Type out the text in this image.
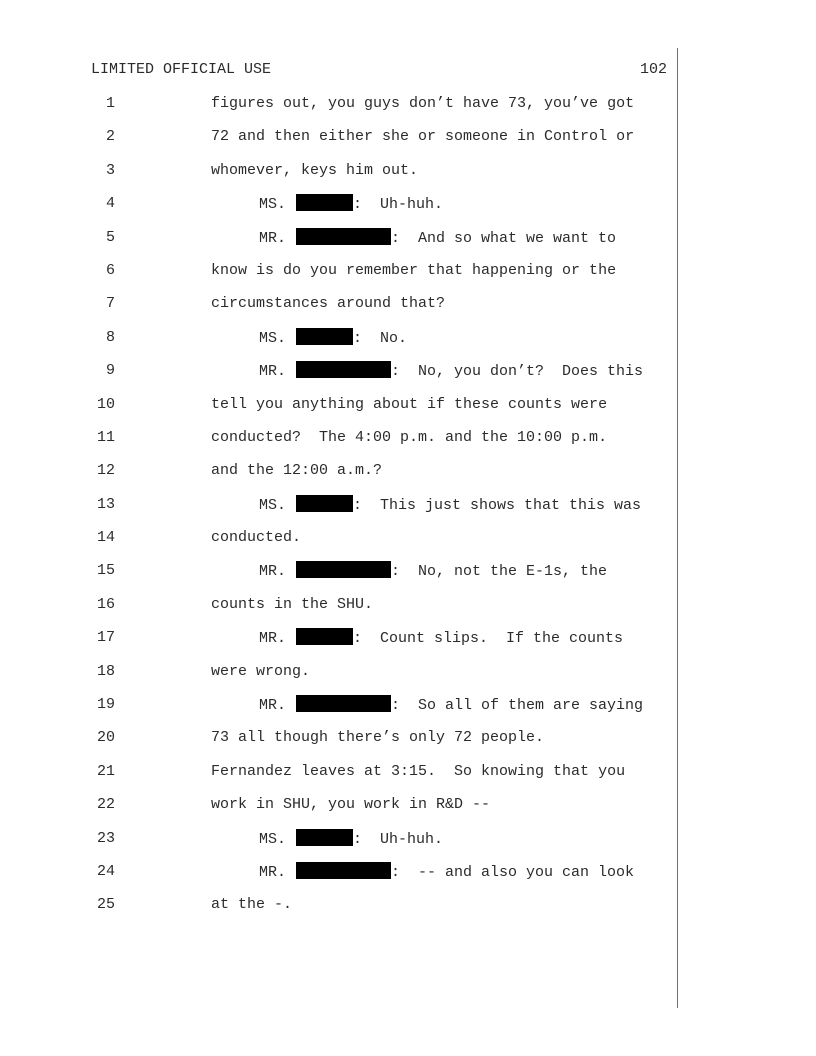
LIMITED OFFICIAL USE	102
1	figures out, you guys don’t have 73, you’ve got
2	72 and then either she or someone in Control or
3	whomever, keys him out.
4	MS.	:  Uh-huh.
5	MR.	:  And so what we want to
6	know is do you remember that happening or the
7	circumstances around that?
8	MS.	:  No.
9	MR.	:  No, you don’t?  Does this
10	tell you anything about if these counts were
11	conducted?  The 4:00 p.m. and the 10:00 p.m.
12	and the 12:00 a.m.?
13	MS.	:  This just shows that this was
14	conducted.
15	MR.	:  No, not the E-1s, the
16	counts in the SHU.
17	MR.	:  Count slips.  If the counts
18	were wrong.
19	MR.	:  So all of them are saying
20	73 all though there’s only 72 people.
21	Fernandez leaves at 3:15.  So knowing that you
22	work in SHU, you work in R&D --
23	MS.	:  Uh-huh.
24	MR.	:  -- and also you can look
25	at the -.
